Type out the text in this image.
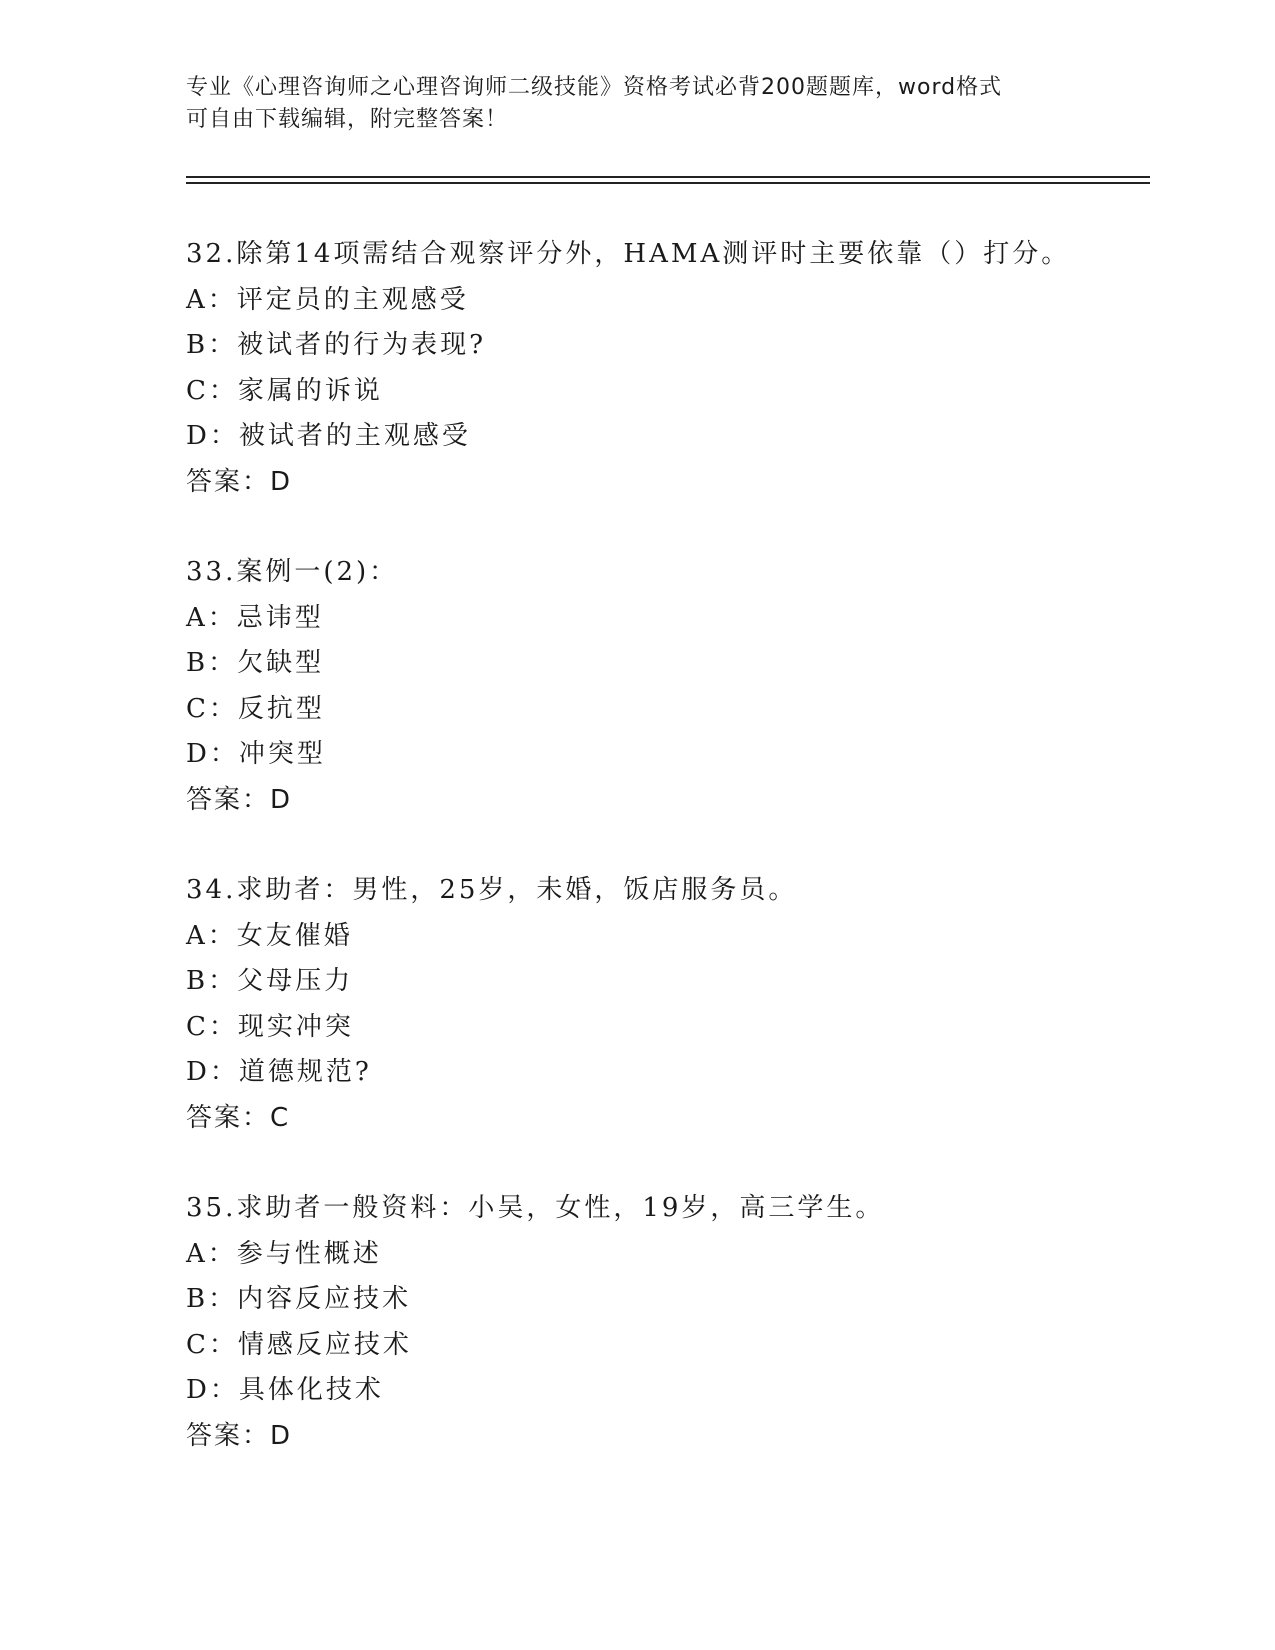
专业《心理咨询师之心理咨询师二级技能》资格考试必背200题题库，word格式
可自由下载编辑，附完整答案！
32.除第14项需结合观察评分外，HAMA测评时主要依靠（）打分。
A：评定员的主观感受
B：被试者的行为表现?
C：家属的诉说
D：被试者的主观感受
答案：D
33.案例一(2)：
A：忌讳型
B：欠缺型
C：反抗型
D：冲突型
答案：D
34.求助者：男性，25岁，未婚，饭店服务员。
A：女友催婚
B：父母压力
C：现实冲突
D：道德规范?
答案：C
35.求助者一般资料：小吴，女性，19岁，高三学生。
A：参与性概述
B：内容反应技术
C：情感反应技术
D：具体化技术
答案：D
